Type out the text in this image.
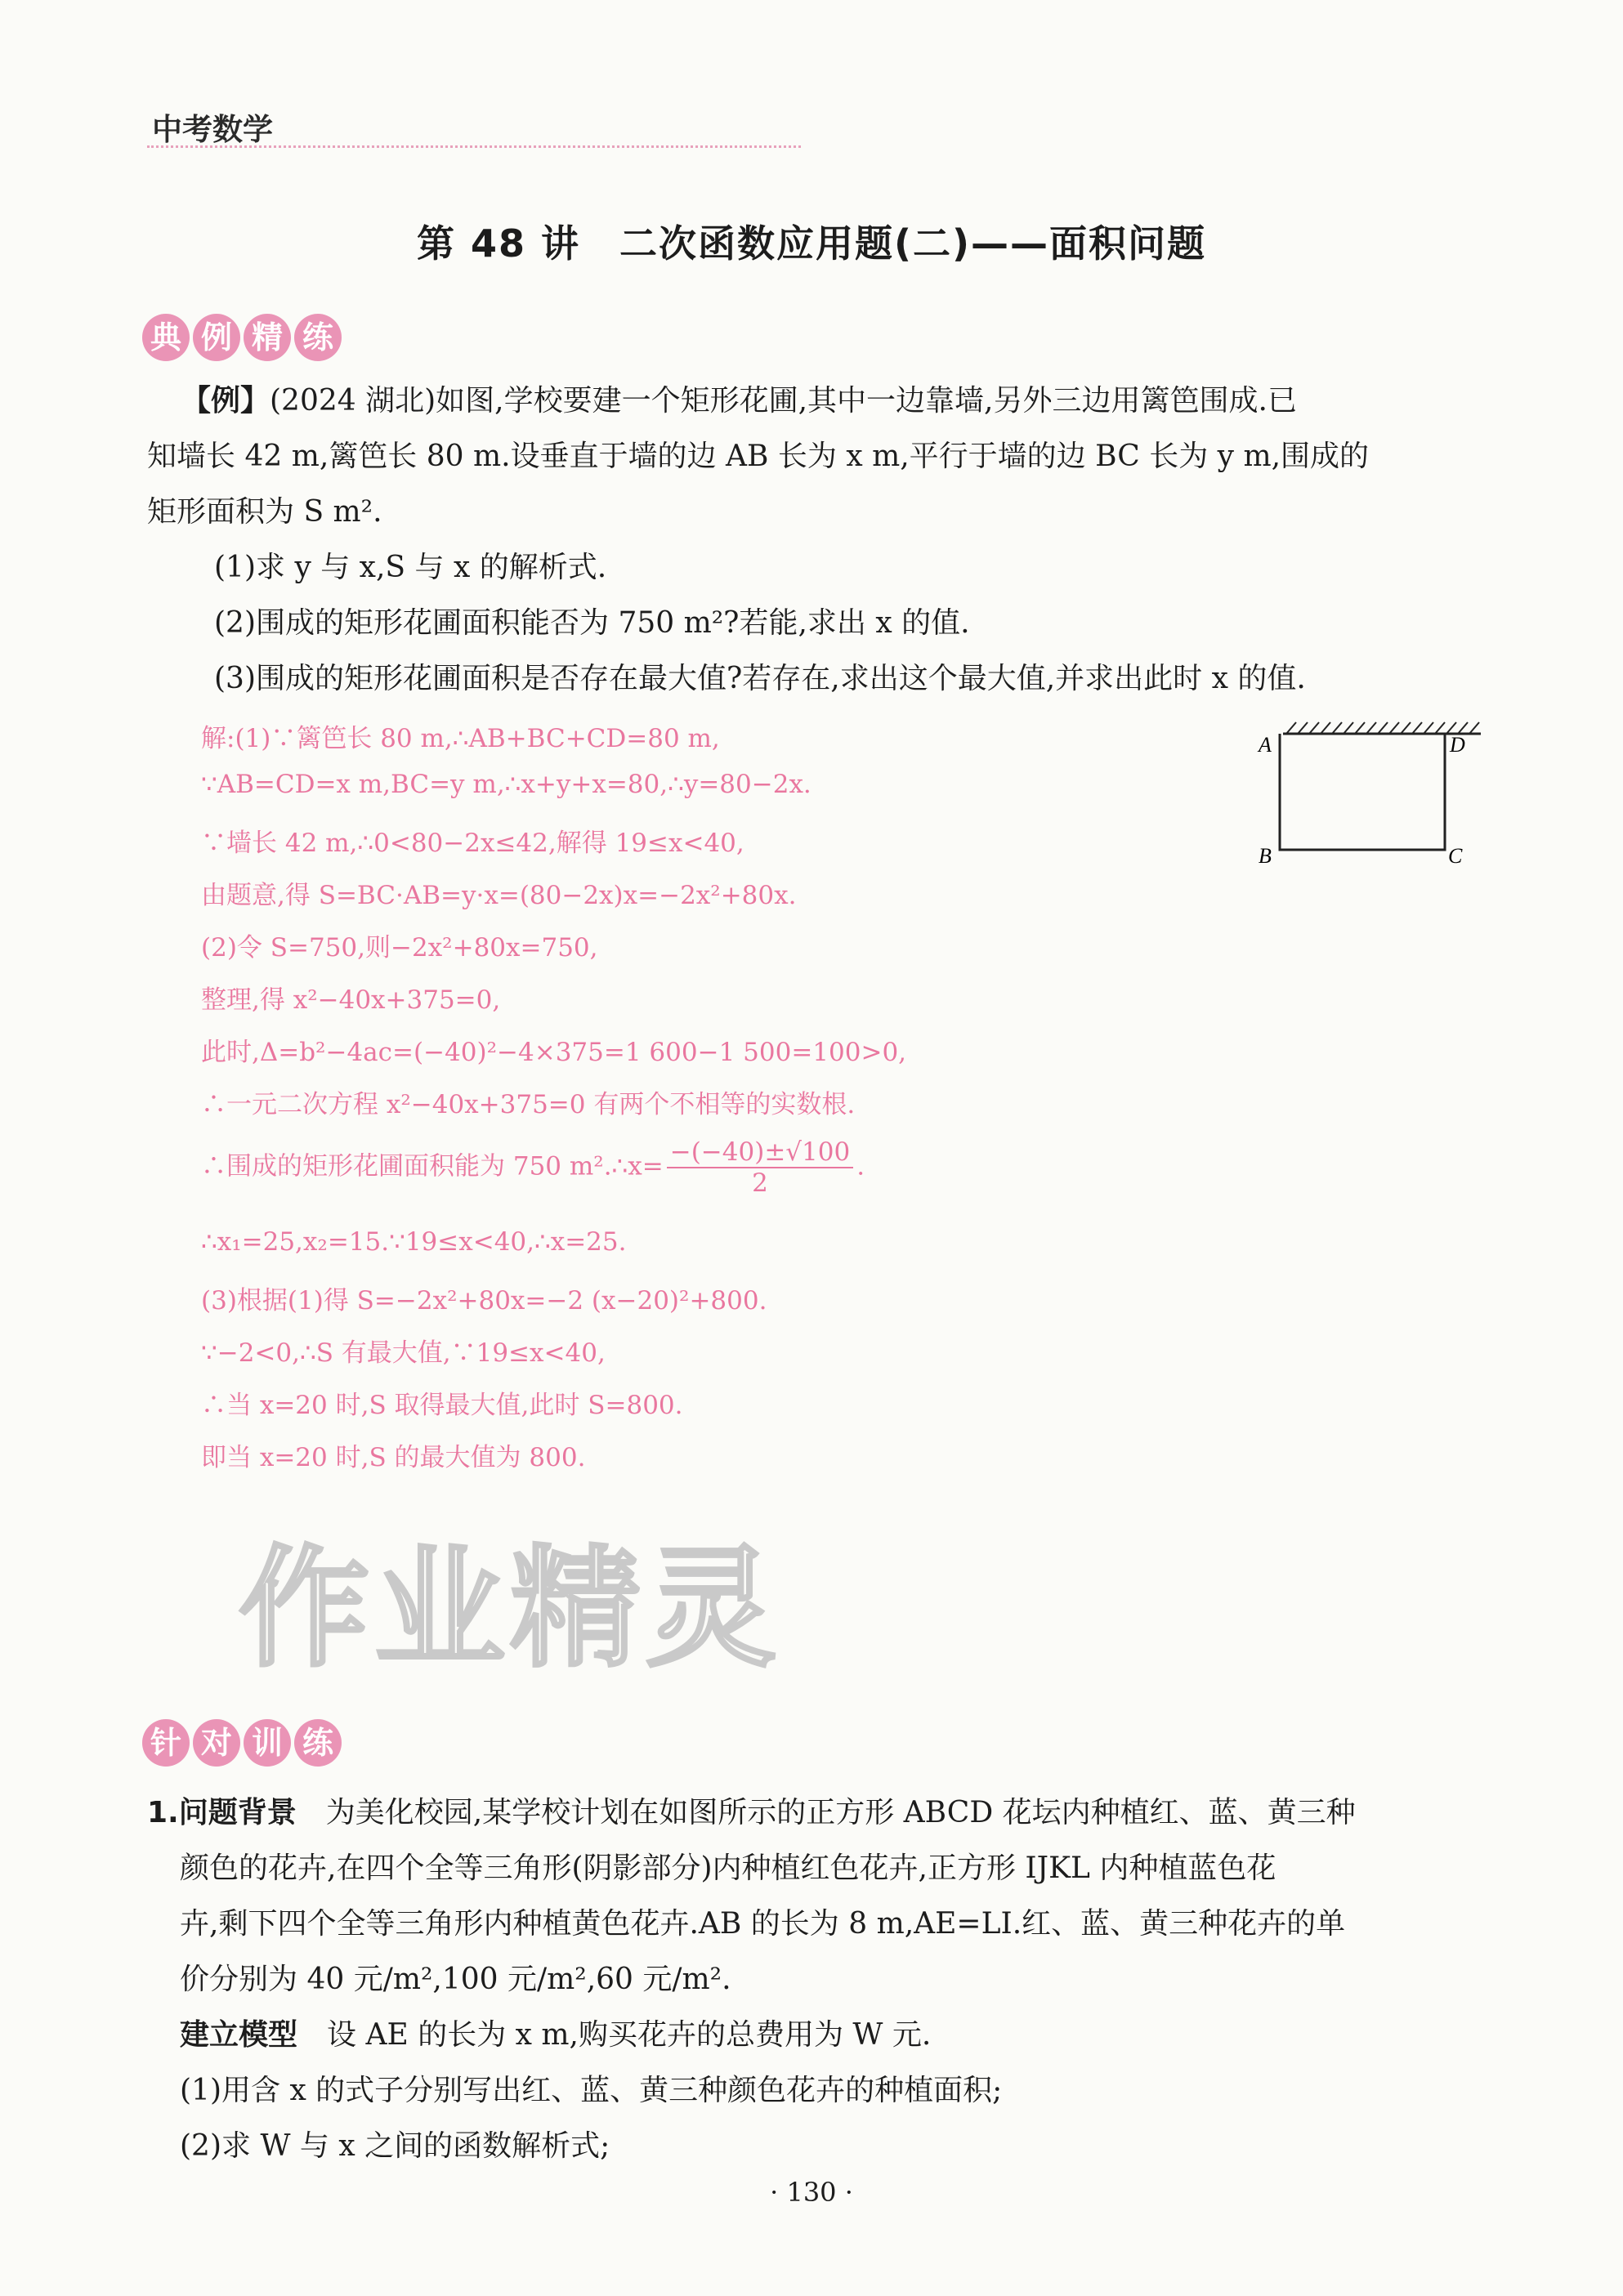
中考数学
第 48 讲　二次函数应用题(二)——面积问题
典 例 精 练
【例】(2024 湖北)如图,学校要建一个矩形花圃,其中一边靠墙,另外三边用篱笆围成.已
知墙长 42 m,篱笆长 80 m.设垂直于墙的边 AB 长为 x m,平行于墙的边 BC 长为 y m,围成的
矩形面积为 S m².
(1)求 y 与 x,S 与 x 的解析式.
(2)围成的矩形花圃面积能否为 750 m²?若能,求出 x 的值.
(3)围成的矩形花圃面积是否存在最大值?若存在,求出这个最大值,并求出此时 x 的值.
解:(1)∵篱笆长 80 m,∴AB+BC+CD=80 m,
∵AB=CD=x m,BC=y m,∴x+y+x=80,∴y=80−2x.
∵墙长 42 m,∴0<80−2x≤42,解得 19≤x<40,
由题意,得 S=BC·AB=y·x=(80−2x)x=−2x²+80x.
(2)令 S=750,则−2x²+80x=750,
整理,得 x²−40x+375=0,
此时,Δ=b²−4ac=(−40)²−4×375=1 600−1 500=100>0,
∴一元二次方程 x²−40x+375=0 有两个不相等的实数根.
∴围成的矩形花圃面积能为 750 m².∴x= $\frac{-(-40)\pm√100}{2}$ .
∴x₁=25,x₂=15.∵19≤x<40,∴x=25.
(3)根据(1)得 S=−2x²+80x=−2 (x−20)²+800.
∵−2<0,∴S 有最大值,∵19≤x<40,
∴当 x=20 时,S 取得最大值,此时 S=800.
即当 x=20 时,S 的最大值为 800.
A	D
B	C
作业精灵
针 对 训 练
1.问题背景　 为美化校园,某学校计划在如图所示的正方形 ABCD 花坛内种植红、蓝、黄三种
颜色的花卉,在四个全等三角形(阴影部分)内种植红色花卉,正方形 IJKL 内种植蓝色花
卉,剩下四个全等三角形内种植黄色花卉.AB 的长为 8 m,AE=LI.红、蓝、黄三种花卉的单
价分别为 40 元/m²,100 元/m²,60 元/m².
建立模型　 设 AE 的长为 x m,购买花卉的总费用为 W 元.
(1)用含 x 的式子分别写出红、蓝、黄三种颜色花卉的种植面积;
(2)求 W 与 x 之间的函数解析式;
· 130 ·
